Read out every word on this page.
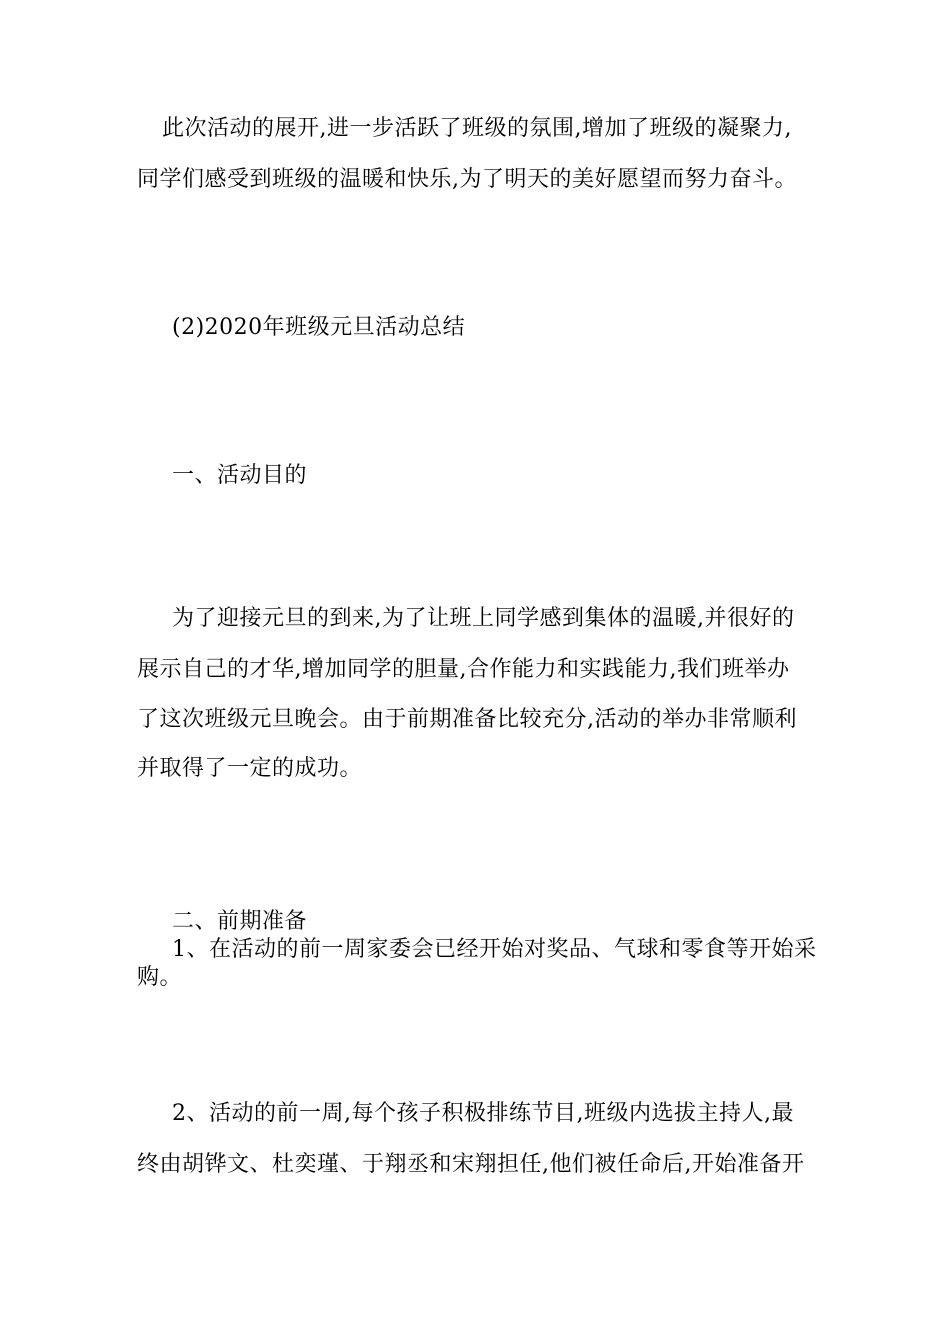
此次活动的展开,进一步活跃了班级的氛围,增加了班级的凝聚力,
同学们感受到班级的温暖和快乐,为了明天的美好愿望而努力奋斗。
(2)2020年班级元旦活动总结
一、活动目的
为了迎接元旦的到来,为了让班上同学感到集体的温暖,并很好的
展示自己的才华,增加同学的胆量,合作能力和实践能力,我们班举办
了这次班级元旦晚会。由于前期准备比较充分,活动的举办非常顺利
并取得了一定的成功。
二、前期准备
1、在活动的前一周家委会已经开始对奖品、气球和零食等开始采
购。
2、活动的前一周,每个孩子积极排练节目,班级内选拔主持人,最
终由胡铧文、杜奕瑾、于翔丞和宋翔担任,他们被任命后,开始准备开
